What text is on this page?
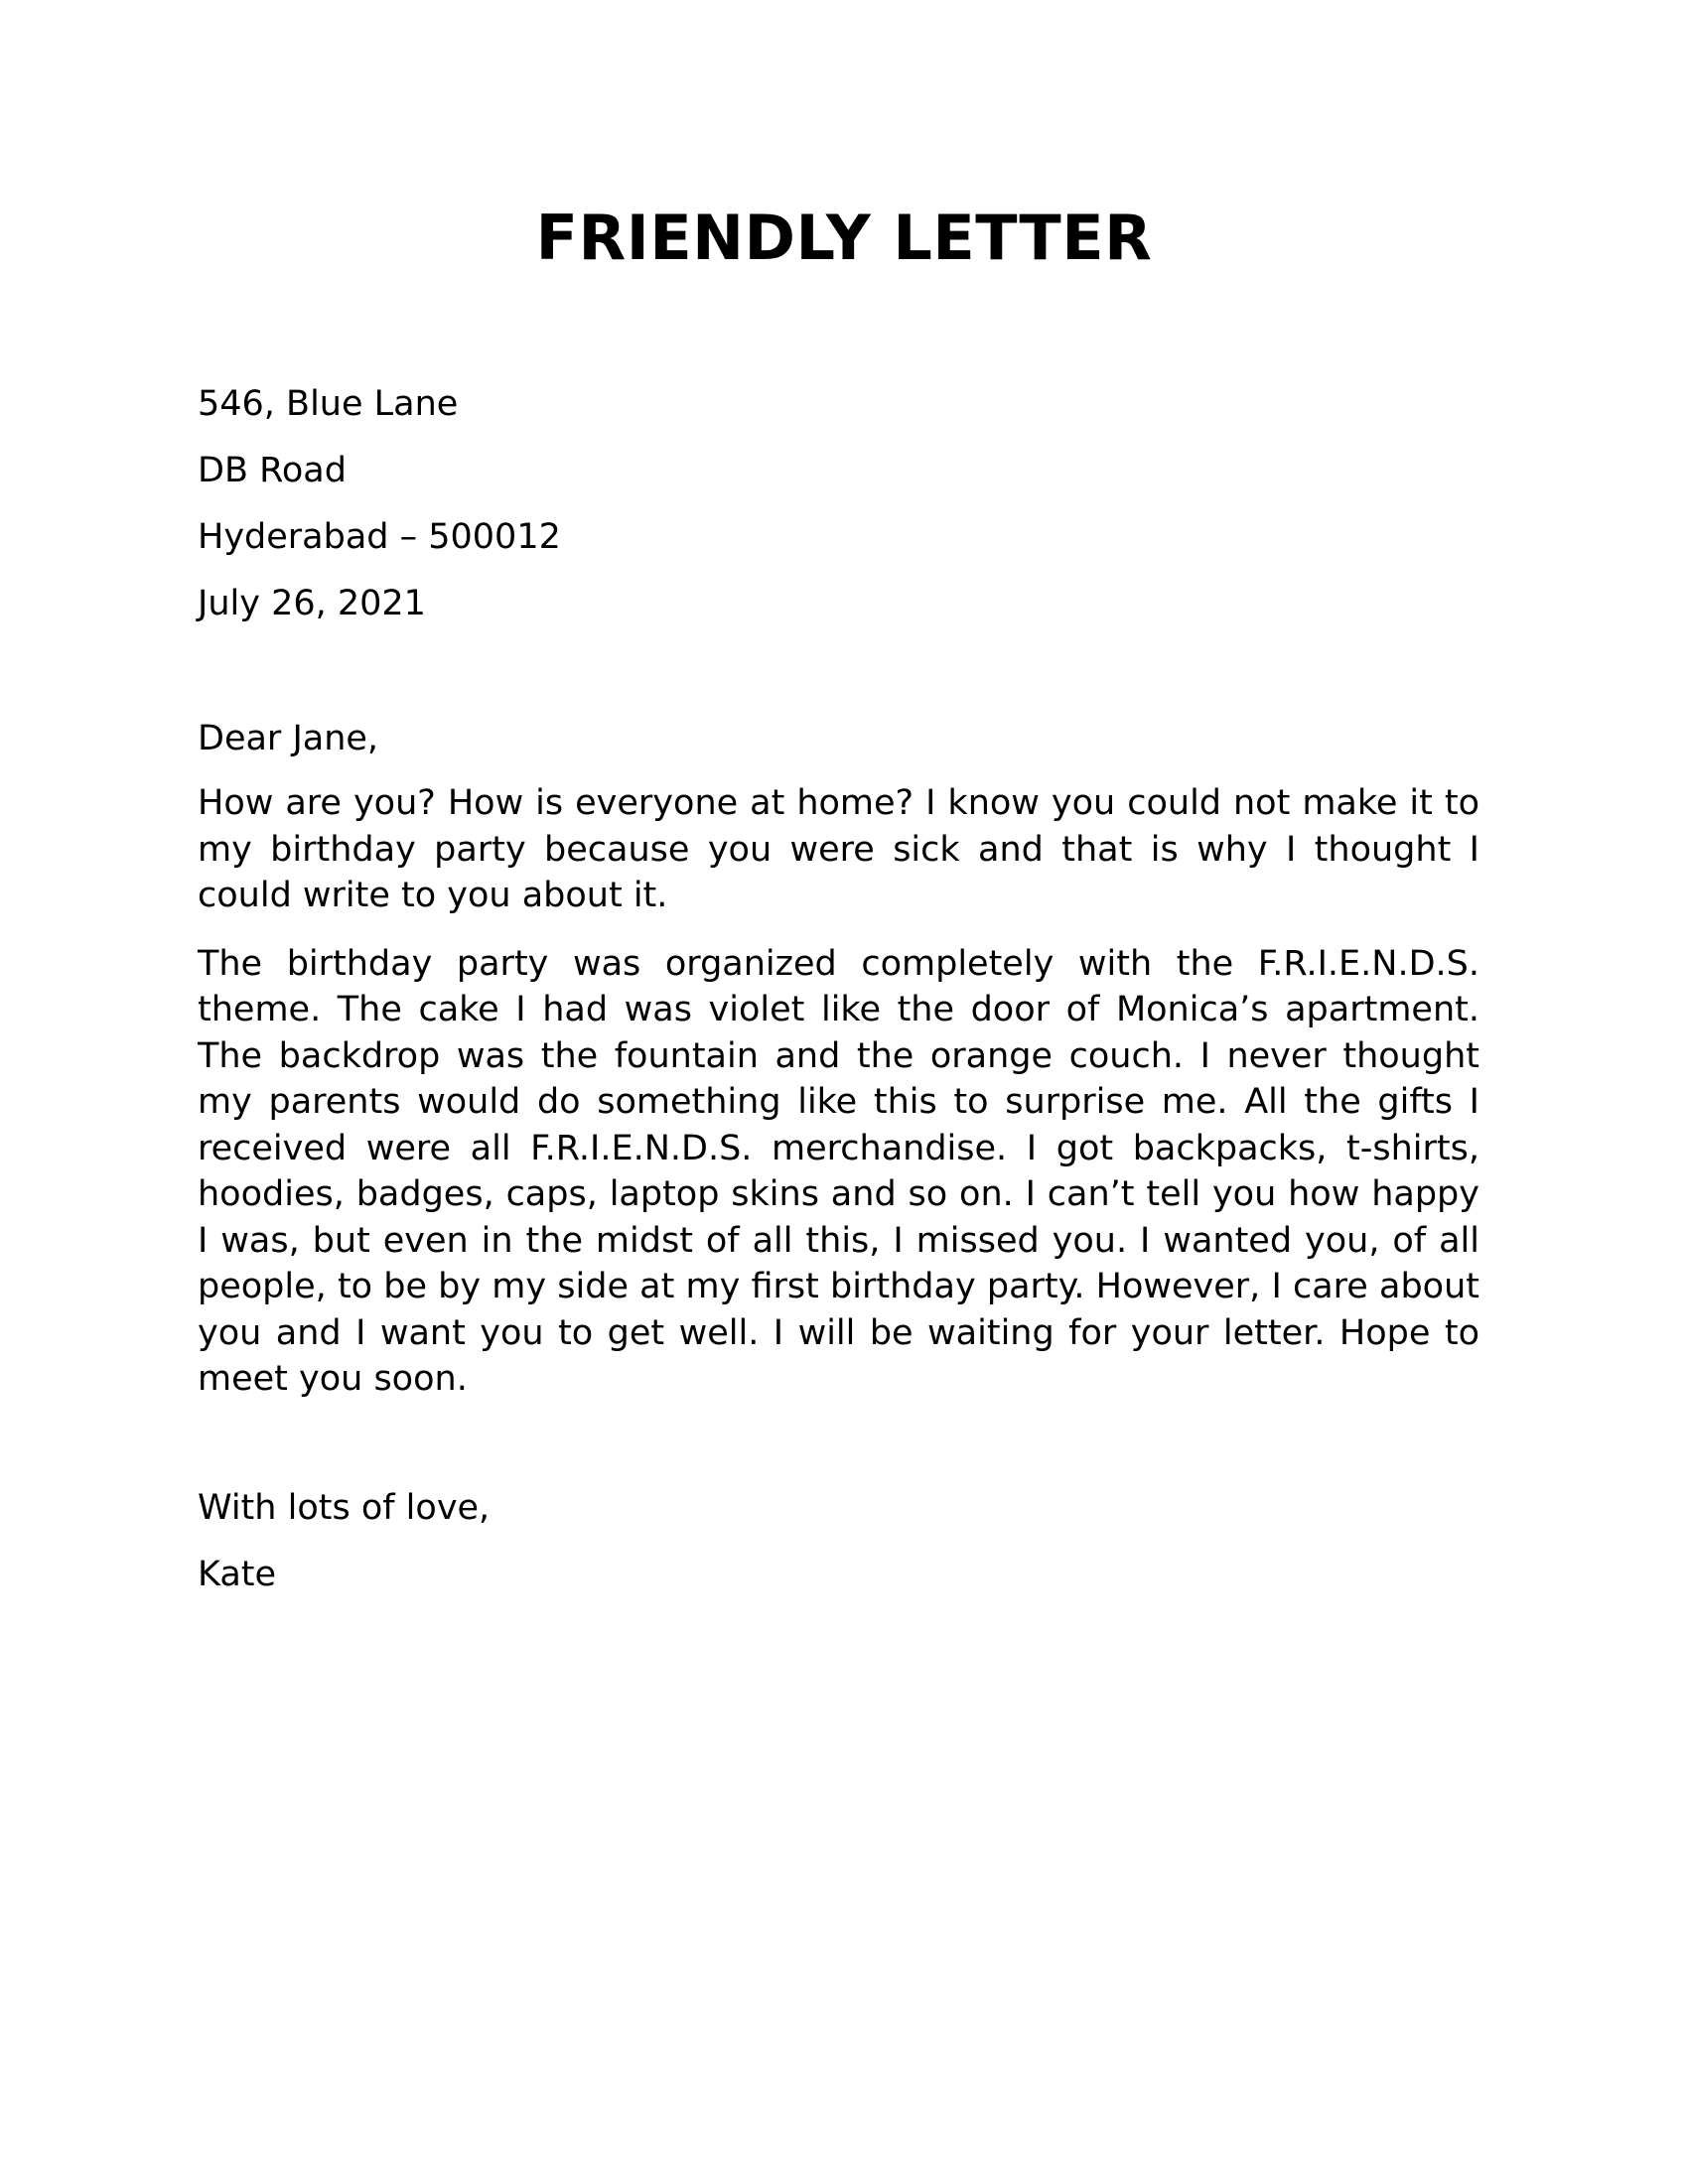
FRIENDLY LETTER
546, Blue Lane
DB Road
Hyderabad – 500012
July 26, 2021
Dear Jane,

How are you? How is everyone at home? I know you could not make it to my birthday party because you were sick and that is why I thought I could write to you about it.

The birthday party was organized completely with the F.R.I.E.N.D.S. theme. The cake I had was violet like the door of Monica’s apartment. The backdrop was the fountain and the orange couch. I never thought my parents would do something like this to surprise me. All the gifts I received were all F.R.I.E.N.D.S. merchandise. I got backpacks, t-shirts, hoodies, badges, caps, laptop skins and so on. I can’t tell you how happy I was, but even in the midst of all this, I missed you. I wanted you, of all people, to be by my side at my first birthday party. However, I care about you and I want you to get well. I will be waiting for your letter. Hope to meet you soon.

With lots of love,
Kate
